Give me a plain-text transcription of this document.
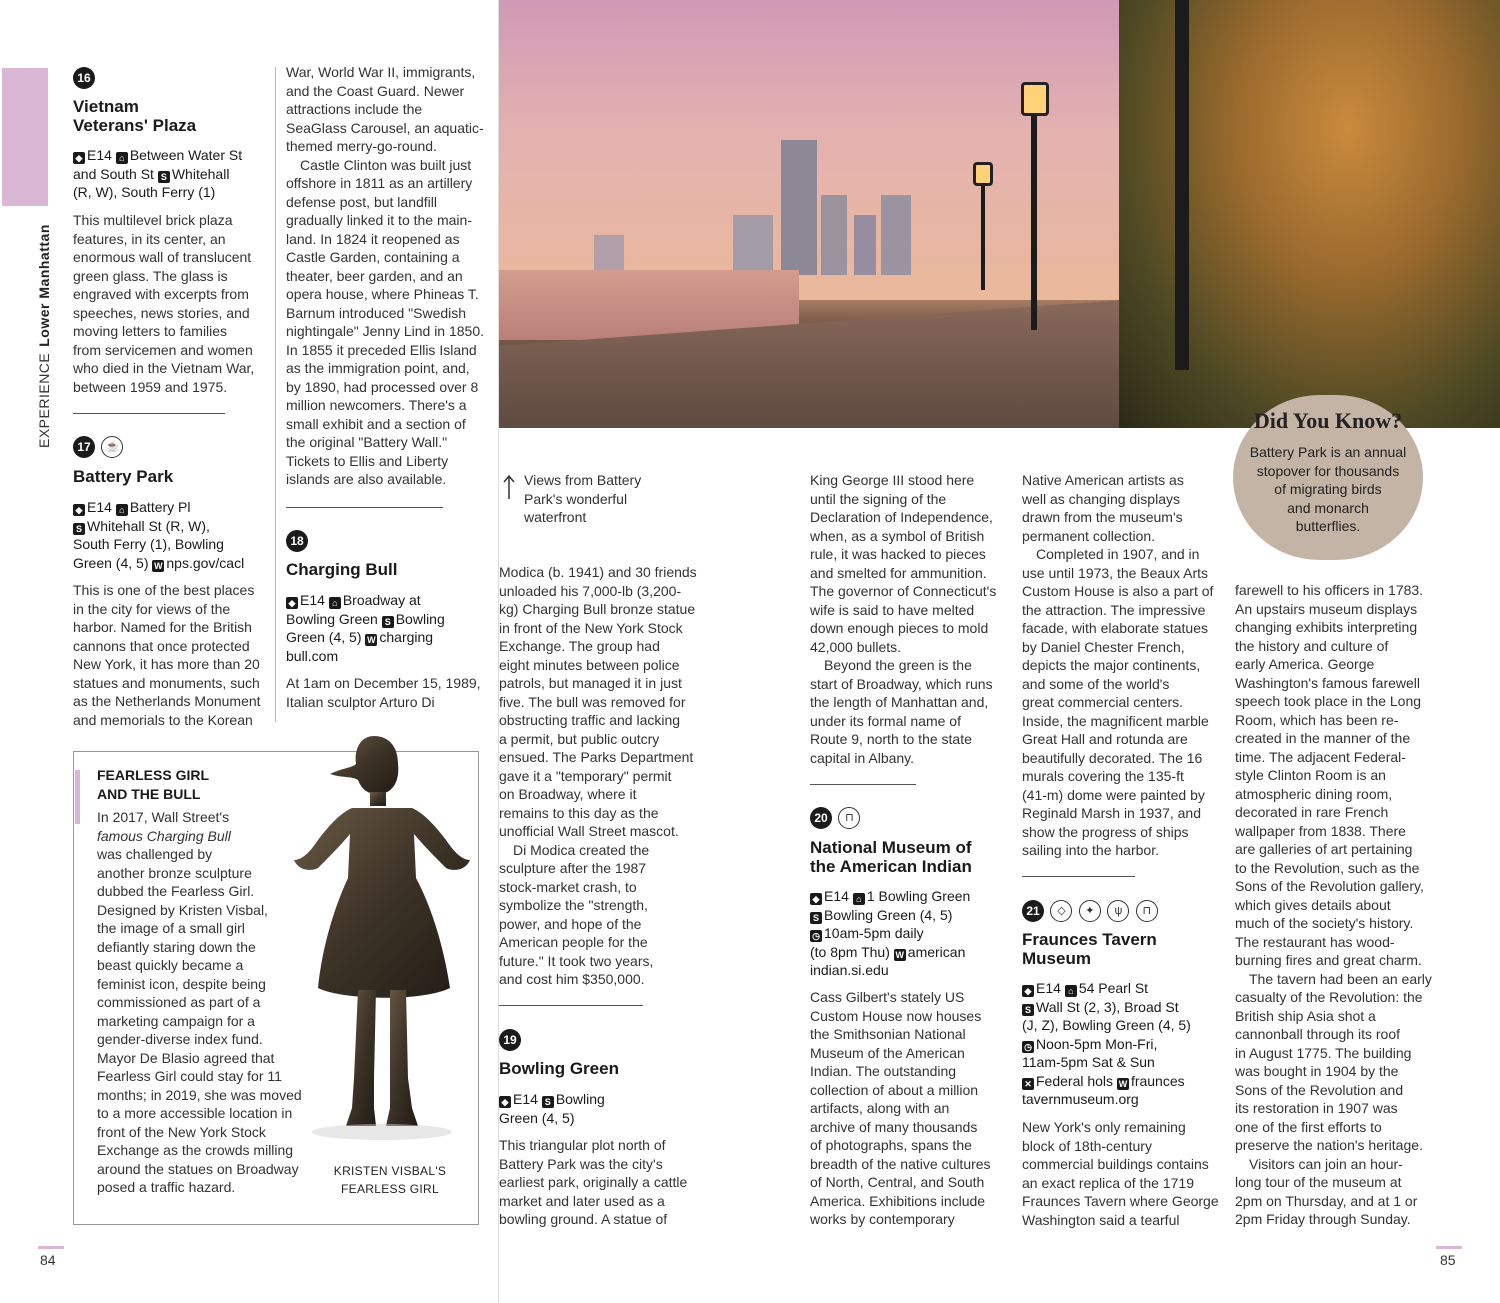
EXPERIENCELower Manhattan
16
Vietnam
Veterans' Plaza
◆ E14 ⌂ Between Water St
and South St S Whitehall
(R, W), South Ferry (1)

This multilevel brick plaza

features, in its center, an

enormous wall of translucent

green glass. The glass is

engraved with excerpts from

speeches, news stories, and

moving letters to families

from servicemen and women

who died in the Vietnam War,

between 1959 and 1975.

17 ☕
Battery Park
◆ E14 ⌂ Battery Pl
S Whitehall St (R, W),
South Ferry (1), Bowling
Green (4, 5) W nps.gov/cacl

This is one of the best places

in the city for views of the

harbor. Named for the British

cannons that once protected

New York, it has more than 20

statues and monuments, such

as the Netherlands Monument

and memorials to the Korean

War, World War II, immigrants,

and the Coast Guard. Newer

attractions include the

SeaGlass Carousel, an aquatic-

themed merry-go-round.

Castle Clinton was built just

offshore in 1811 as an artillery

defense post, but landfill

gradually linked it to the main-

land. In 1824 it reopened as

Castle Garden, containing a

theater, beer garden, and an

opera house, where Phineas T.

Barnum introduced "Swedish

nightingale" Jenny Lind in 1850.

In 1855 it preceded Ellis Island

as the immigration point, and,

by 1890, had processed over 8

million newcomers. There's a

small exhibit and a section of

the original "Battery Wall."

Tickets to Ellis and Liberty

islands are also available.

18
Charging Bull
◆ E14 ⌂ Broadway at
Bowling Green S Bowling
Green (4, 5) W charging
bull.com

At 1am on December 15, 1989,

Italian sculptor Arturo Di

FEARLESS GIRL
AND THE BULL
In 2017, Wall Street's
famous Charging Bull
was challenged by
another bronze sculpture
dubbed the Fearless Girl.
Designed by Kristen Visbal,
the image of a small girl
defiantly staring down the
beast quickly became a
feminist icon, despite being
commissioned as part of a
marketing campaign for a
gender-diverse index fund.
Mayor De Blasio agreed that
Fearless Girl could stay for 11
months; in 2019, she was moved
to a more accessible location in
front of the New York Stock
Exchange as the crowds milling
around the statues on Broadway
posed a traffic hazard.
KRISTEN VISBAL'S
FEARLESS GIRL
Did You Know?
Battery Park is an annual
stopover for thousands
of migrating birds
and monarch
butterflies.
Views from Battery
Park's wonderful
waterfront

Modica (b. 1941) and 30 friends

unloaded his 7,000-lb (3,200-

kg) Charging Bull bronze statue

in front of the New York Stock

Exchange. The group had

eight minutes between police

patrols, but managed it in just

five. The bull was removed for

obstructing traffic and lacking

a permit, but public outcry

ensued. The Parks Department

gave it a "temporary" permit

on Broadway, where it

remains to this day as the

unofficial Wall Street mascot.

Di Modica created the

sculpture after the 1987

stock-market crash, to

symbolize the "strength,

power, and hope of the

American people for the

future." It took two years,

and cost him $350,000.

19
Bowling Green
◆ E14 S Bowling
Green (4, 5)

This triangular plot north of

Battery Park was the city's

earliest park, originally a cattle

market and later used as a

bowling ground. A statue of

King George III stood here

until the signing of the

Declaration of Independence,

when, as a symbol of British

rule, it was hacked to pieces

and smelted for ammunition.

The governor of Connecticut's

wife is said to have melted

down enough pieces to mold

42,000 bullets.

Beyond the green is the

start of Broadway, which runs

the length of Manhattan and,

under its formal name of

Route 9, north to the state

capital in Albany.

20 ⊓
National Museum of
the American Indian
◆ E14 ⌂ 1 Bowling Green
S Bowling Green (4, 5)
◷ 10am-5pm daily
(to 8pm Thu) W american
indian.si.edu

Cass Gilbert's stately US

Custom House now houses

the Smithsonian National

Museum of the American

Indian. The outstanding

collection of about a million

artifacts, along with an

archive of many thousands

of photographs, spans the

breadth of the native cultures

of North, Central, and South

America. Exhibitions include

works by contemporary

Native American artists as

well as changing displays

drawn from the museum's

permanent collection.

Completed in 1907, and in

use until 1973, the Beaux Arts

Custom House is also a part of

the attraction. The impressive

facade, with elaborate statues

by Daniel Chester French,

depicts the major continents,

and some of the world's

great commercial centers.

Inside, the magnificent marble

Great Hall and rotunda are

beautifully decorated. The 16

murals covering the 135-ft

(41-m) dome were painted by

Reginald Marsh in 1937, and

show the progress of ships

sailing into the harbor.

21 ◇ ✦ ψ ⊓
Fraunces Tavern
Museum
◆ E14 ⌂ 54 Pearl St
S Wall St (2, 3), Broad St
(J, Z), Bowling Green (4, 5)
◷ Noon-5pm Mon-Fri,
11am-5pm Sat & Sun
✕ Federal hols W fraunces
tavernmuseum.org

New York's only remaining

block of 18th-century

commercial buildings contains

an exact replica of the 1719

Fraunces Tavern where George

Washington said a tearful

farewell to his officers in 1783.

An upstairs museum displays

changing exhibits interpreting

the history and culture of

early America. George

Washington's famous farewell

speech took place in the Long

Room, which has been re-

created in the manner of the

time. The adjacent Federal-

style Clinton Room is an

atmospheric dining room,

decorated in rare French

wallpaper from 1838. There

are galleries of art pertaining

to the Revolution, such as the

Sons of the Revolution gallery,

which gives details about

much of the society's history.

The restaurant has wood-

burning fires and great charm.

The tavern had been an early

casualty of the Revolution: the

British ship Asia shot a

cannonball through its roof

in August 1775. The building

was bought in 1904 by the

Sons of the Revolution and

its restoration in 1907 was

one of the first efforts to

preserve the nation's heritage.

Visitors can join an hour-

long tour of the museum at

2pm on Thursday, and at 1 or

2pm Friday through Sunday.

84	85
